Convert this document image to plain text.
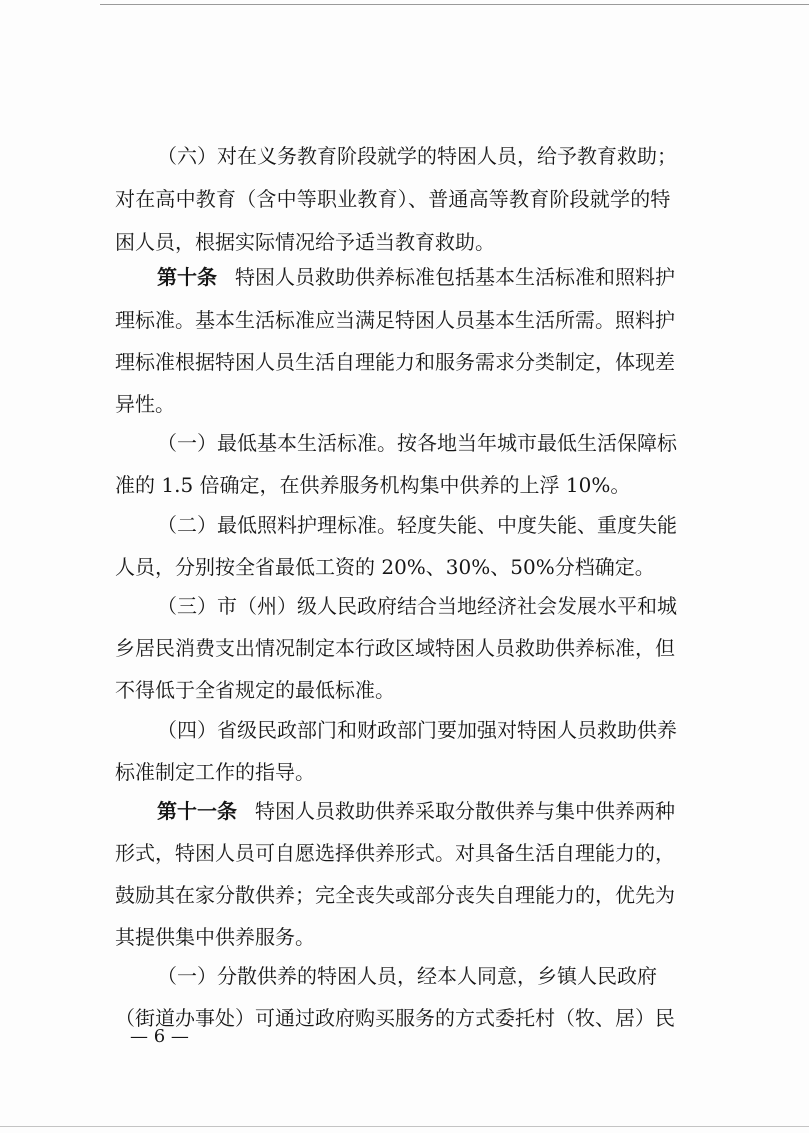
（六）对在义务教育阶段就学的特困人员，给予教育救助；
对在高中教育（含中等职业教育）、普通高等教育阶段就学的特
困人员，根据实际情况给予适当教育救助。
第十条 特困人员救助供养标准包括基本生活标准和照料护
理标准。基本生活标准应当满足特困人员基本生活所需。照料护
理标准根据特困人员生活自理能力和服务需求分类制定，体现差
异性。
（一）最低基本生活标准。按各地当年城市最低生活保障标
准的 1.5 倍确定，在供养服务机构集中供养的上浮 10%。
（二）最低照料护理标准。轻度失能、中度失能、重度失能
人员，分别按全省最低工资的 20%、30%、50%分档确定。
（三）市（州）级人民政府结合当地经济社会发展水平和城
乡居民消费支出情况制定本行政区域特困人员救助供养标准，但
不得低于全省规定的最低标准。
（四）省级民政部门和财政部门要加强对特困人员救助供养
标准制定工作的指导。
第十一条 特困人员救助供养采取分散供养与集中供养两种
形式，特困人员可自愿选择供养形式。对具备生活自理能力的，
鼓励其在家分散供养；完全丧失或部分丧失自理能力的，优先为
其提供集中供养服务。
（一）分散供养的特困人员，经本人同意，乡镇人民政府
（街道办事处）可通过政府购买服务的方式委托村（牧、居）民
— 6 —
